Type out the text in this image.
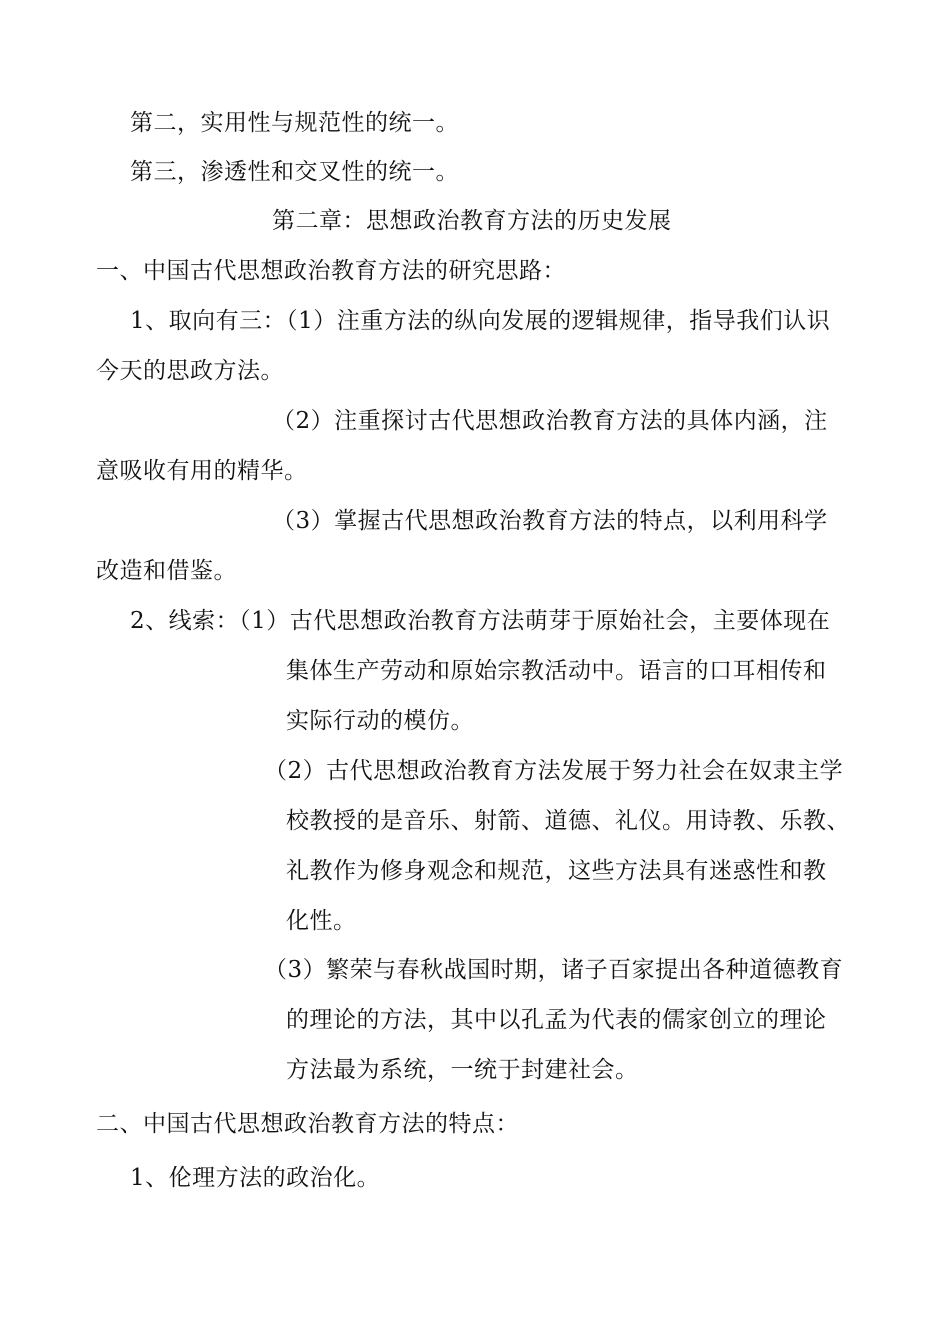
第二，实用性与规范性的统一。
第三，渗透性和交叉性的统一。
第二章：思想政治教育方法的历史发展
一、中国古代思想政治教育方法的研究思路：
1、取向有三：（1）注重方法的纵向发展的逻辑规律，指导我们认识
今天的思政方法。
（2）注重探讨古代思想政治教育方法的具体内涵，注
意吸收有用的精华。
（3）掌握古代思想政治教育方法的特点，以利用科学
改造和借鉴。
2、线索：（1）古代思想政治教育方法萌芽于原始社会，主要体现在
集体生产劳动和原始宗教活动中。语言的口耳相传和
实际行动的模仿。
（2）古代思想政治教育方法发展于努力社会在奴隶主学
校教授的是音乐、射箭、道德、礼仪。用诗教、乐教、
礼教作为修身观念和规范，这些方法具有迷惑性和教
化性。
（3）繁荣与春秋战国时期，诸子百家提出各种道德教育
的理论的方法，其中以孔孟为代表的儒家创立的理论
方法最为系统，一统于封建社会。
二、中国古代思想政治教育方法的特点：
1、伦理方法的政治化。
